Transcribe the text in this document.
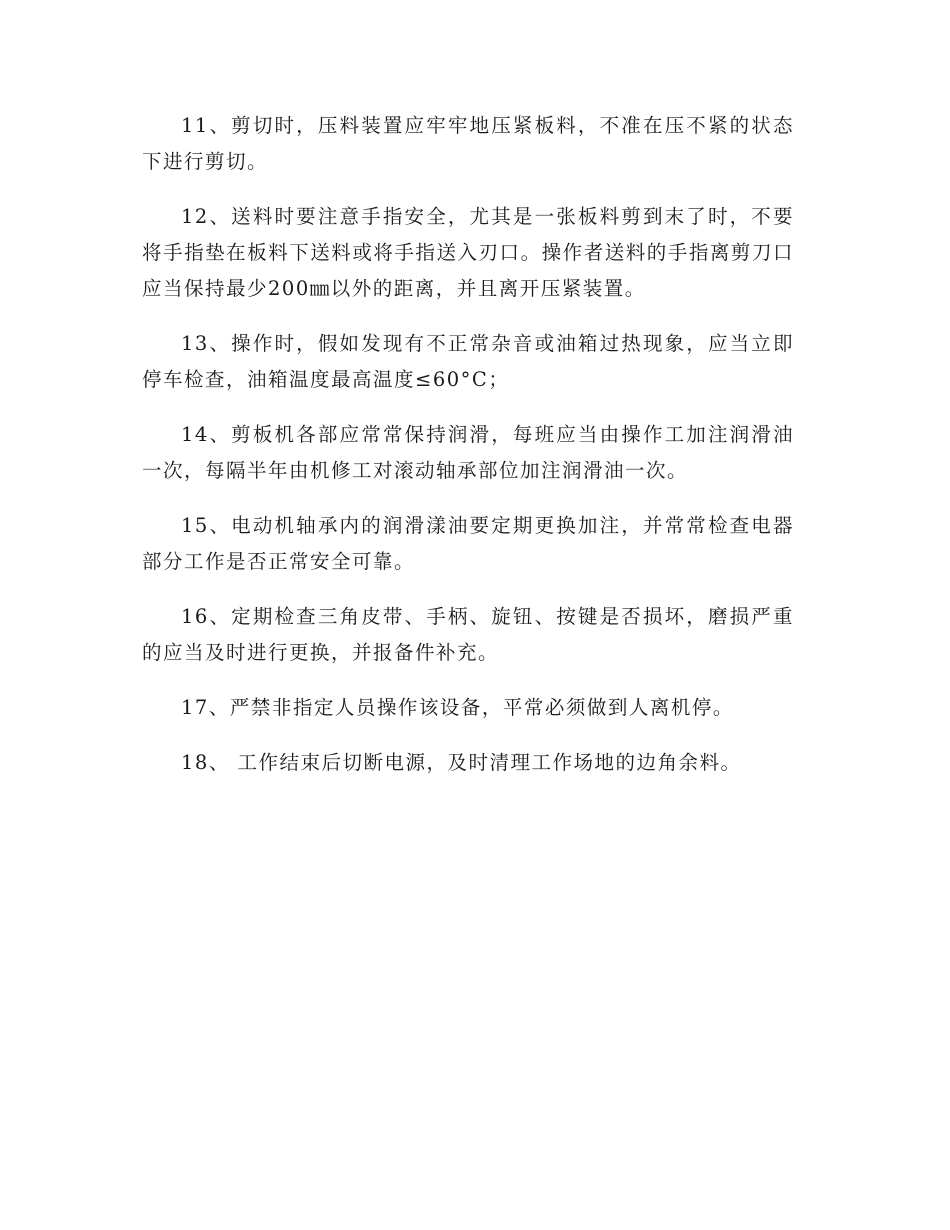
11、剪切时，压料装置应牢牢地压紧板料，不准在压不紧的状态下进行剪切。

12、送料时要注意手指安全，尤其是一张板料剪到末了时，不要将手指垫在板料下送料或将手指送入刃口。操作者送料的手指离剪刀口应当保持最少200㎜以外的距离，并且离开压紧装置。

13、操作时，假如发现有不正常杂音或油箱过热现象，应当立即停车检查，油箱温度最高温度≤60°C；

14、剪板机各部应常常保持润滑，每班应当由操作工加注润滑油一次，每隔半年由机修工对滚动轴承部位加注润滑油一次。

15、电动机轴承内的润滑漾油要定期更换加注，并常常检查电器部分工作是否正常安全可靠。

16、定期检查三角皮带、手柄、旋钮、按键是否损坏，磨损严重的应当及时进行更换，并报备件补充。

17、严禁非指定人员操作该设备，平常必须做到人离机停。

18、 工作结束后切断电源，及时清理工作场地的边角余料。
